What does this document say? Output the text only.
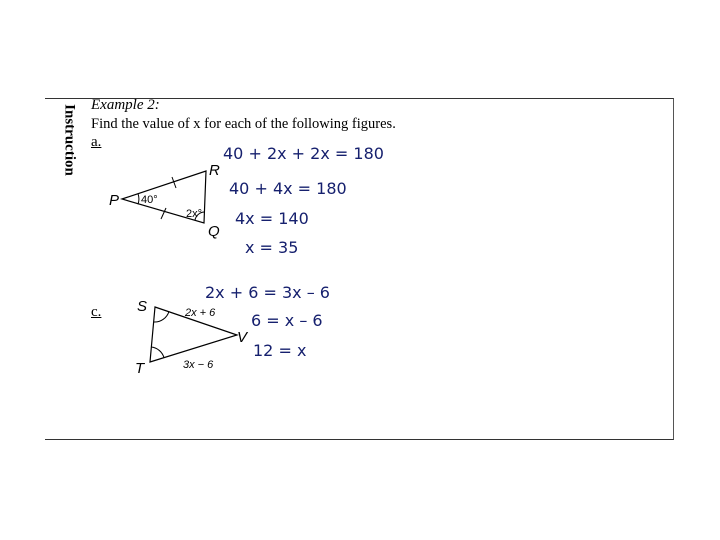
Instruction Example 2:
Find the value of x for each of the following figures.
a.
c.
P
R
Q
40°
2x°
S
T
V
2x + 6
3x − 6
40 + 2x + 2x = 180
40 + 4x = 180
4x = 140
x = 35
2x + 6 = 3x – 6
6 = x – 6
12 = x
